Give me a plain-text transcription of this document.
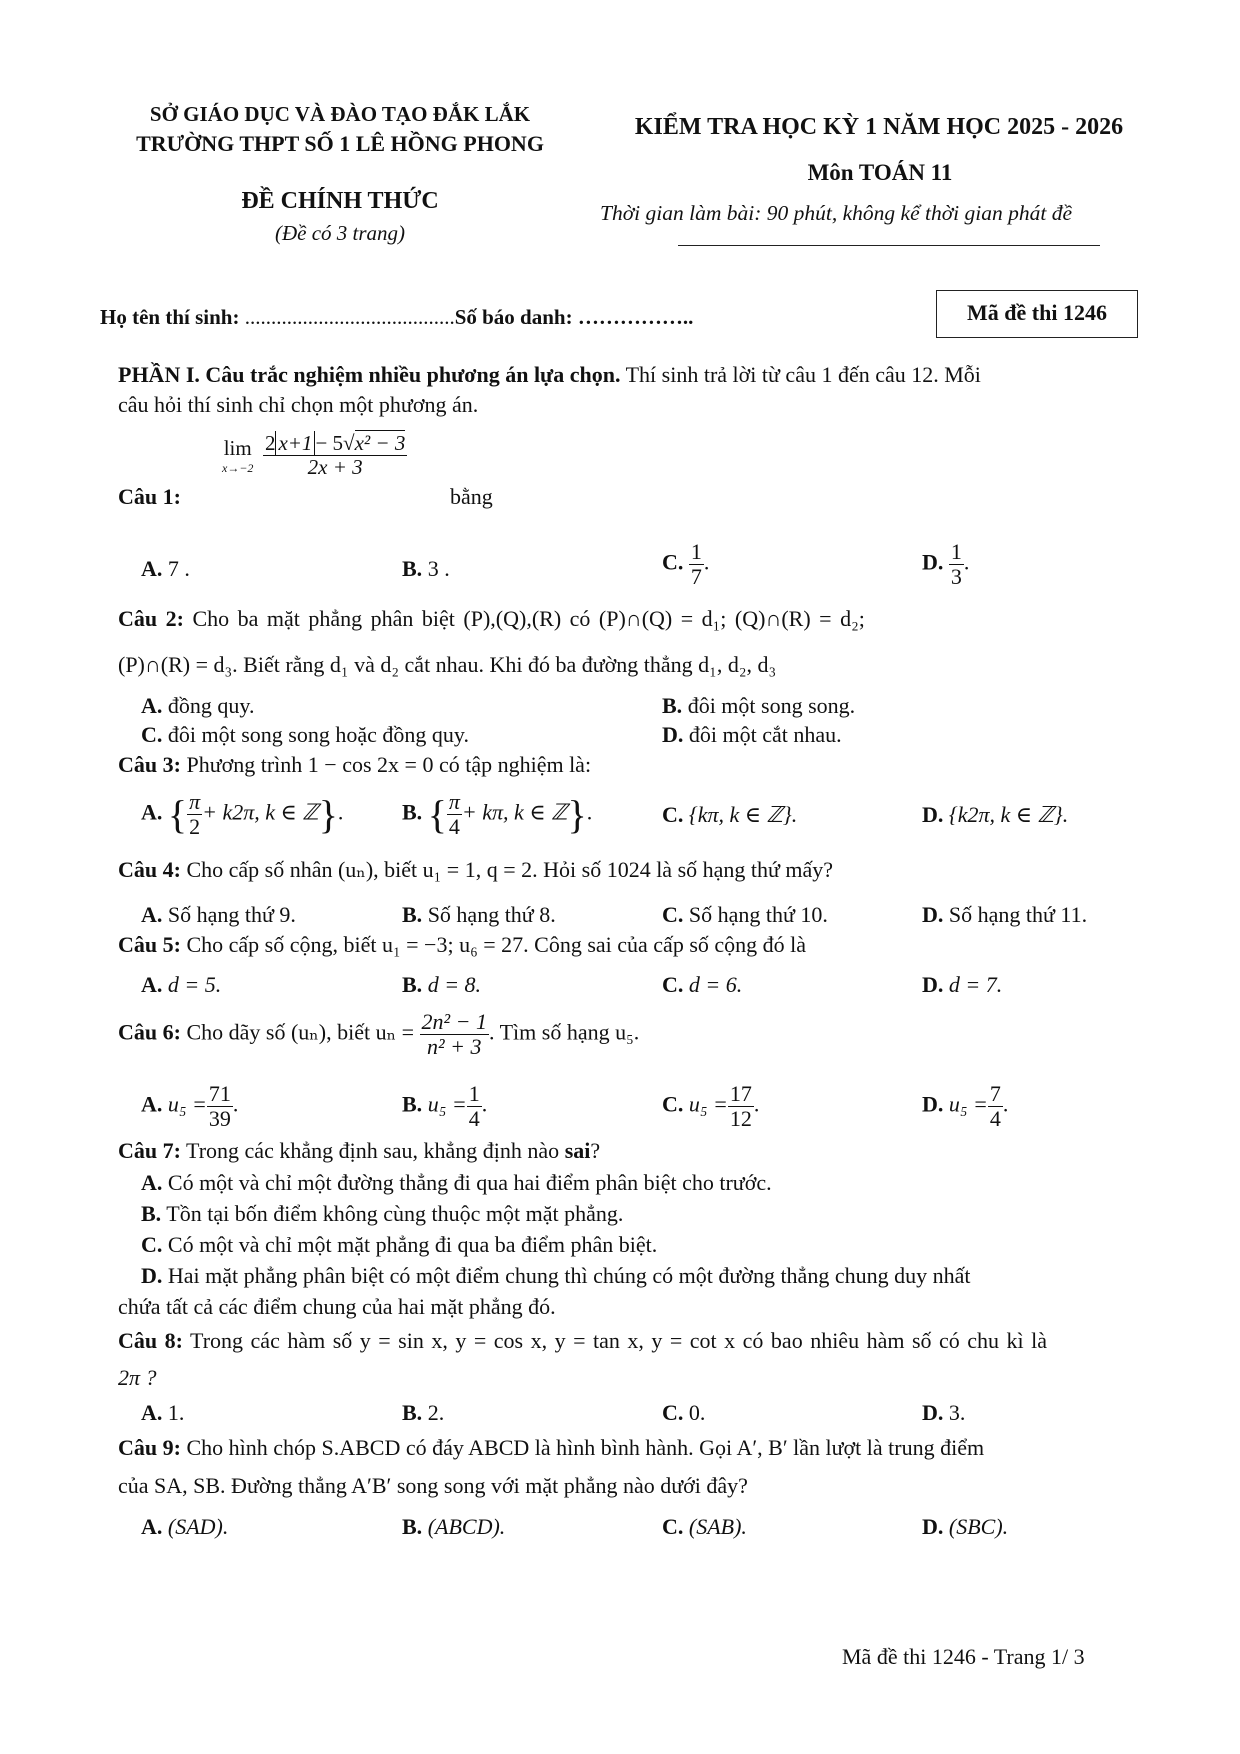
SỞ GIÁO DỤC VÀ ĐÀO TẠO ĐẮK LẮK
TRƯỜNG THPT SỐ 1 LÊ HỒNG PHONG
ĐỀ CHÍNH THỨC
(Đề có 3 trang)
KIỂM TRA HỌC KỲ 1 NĂM HỌC 2025 - 2026
Môn TOÁN 11
Thời gian làm bài: 90 phút, không kể thời gian phát đề
Họ tên thí sinh: ........................................Số báo danh: ……………..	Mã đề thi 1246
PHẦN I. Câu trắc nghiệm nhiều phương án lựa chọn. Thí sinh trả lời từ câu 1 đến câu 12. Mỗi
câu hỏi thí sinh chỉ chọn một phương án.
Câu 1:
lim
x→−2
$\frac{\text{2 x+1 − 5√x² − 3}}{2x + 3}$
bằng
A. 7 .	B. 3 .	C. $\frac{1}{7}$ .	D. $\frac{1}{3}$ .
Câu 2: Cho ba mặt phẳng phân biệt (P),(Q),(R) có (P)∩(Q) = d₁; (Q)∩(R) = d₂;
(P)∩(R) = d₃. Biết rằng d₁ và d₂ cắt nhau. Khi đó ba đường thẳng d₁, d₂, d₃
A. đồng quy.	B. đôi một song song.
C. đôi một song song hoặc đồng quy.	D. đôi một cắt nhau.
Câu 3: Phương trình 1 − cos 2x = 0 có tập nghiệm là:
A. { $\frac{\pi}{2} + k2\pi$, k ∈ ℤ}.	B. { $\frac{\pi}{4} + k\pi$, k ∈ ℤ}.	C. {kπ, k ∈ ℤ}.	D. {k2π, k ∈ ℤ}.
Câu 4: Cho cấp số nhân (uₙ), biết u₁ = 1, q = 2. Hỏi số 1024 là số hạng thứ mấy?
A. Số hạng thứ 9.	B. Số hạng thứ 8.	C. Số hạng thứ 10.	D. Số hạng thứ 11.
Câu 5: Cho cấp số cộng, biết u₁ = −3; u₆ = 27. Công sai của cấp số cộng đó là
A. d = 5.	B. d = 8.	C. d = 6.	D. d = 7.
Câu 6: Cho dãy số (uₙ), biết $u_n = \frac{\text{2n² − 1}}{\text{n² + 3}}$ . Tìm số hạng u₅.
A. $u_5 = \frac{71}{39}$ .	B. $u_5 = \frac{1}{4}$ .	C. $u_5 = \frac{17}{12}$ .	D. $u_5 = \frac{7}{4}$ .
Câu 7: Trong các khẳng định sau, khẳng định nào sai?
A. Có một và chỉ một đường thẳng đi qua hai điểm phân biệt cho trước.
B. Tồn tại bốn điểm không cùng thuộc một mặt phẳng.
C. Có một và chỉ một mặt phẳng đi qua ba điểm phân biệt.
D. Hai mặt phẳng phân biệt có một điểm chung thì chúng có một đường thẳng chung duy nhất
chứa tất cả các điểm chung của hai mặt phẳng đó.
Câu 8: Trong các hàm số y = sin x, y = cos x, y = tan x, y = cot x có bao nhiêu hàm số có chu kì là
2π ?
A. 1.	B. 2.	C. 0.	D. 3.
Câu 9: Cho hình chóp S.ABCD có đáy ABCD là hình bình hành. Gọi A′, B′ lần lượt là trung điểm
của SA, SB. Đường thẳng A′B′ song song với mặt phẳng nào dưới đây?
A. (SAD).	B. (ABCD).	C. (SAB).	D. (SBC).
Mã đề thi 1246 - Trang 1/ 3
